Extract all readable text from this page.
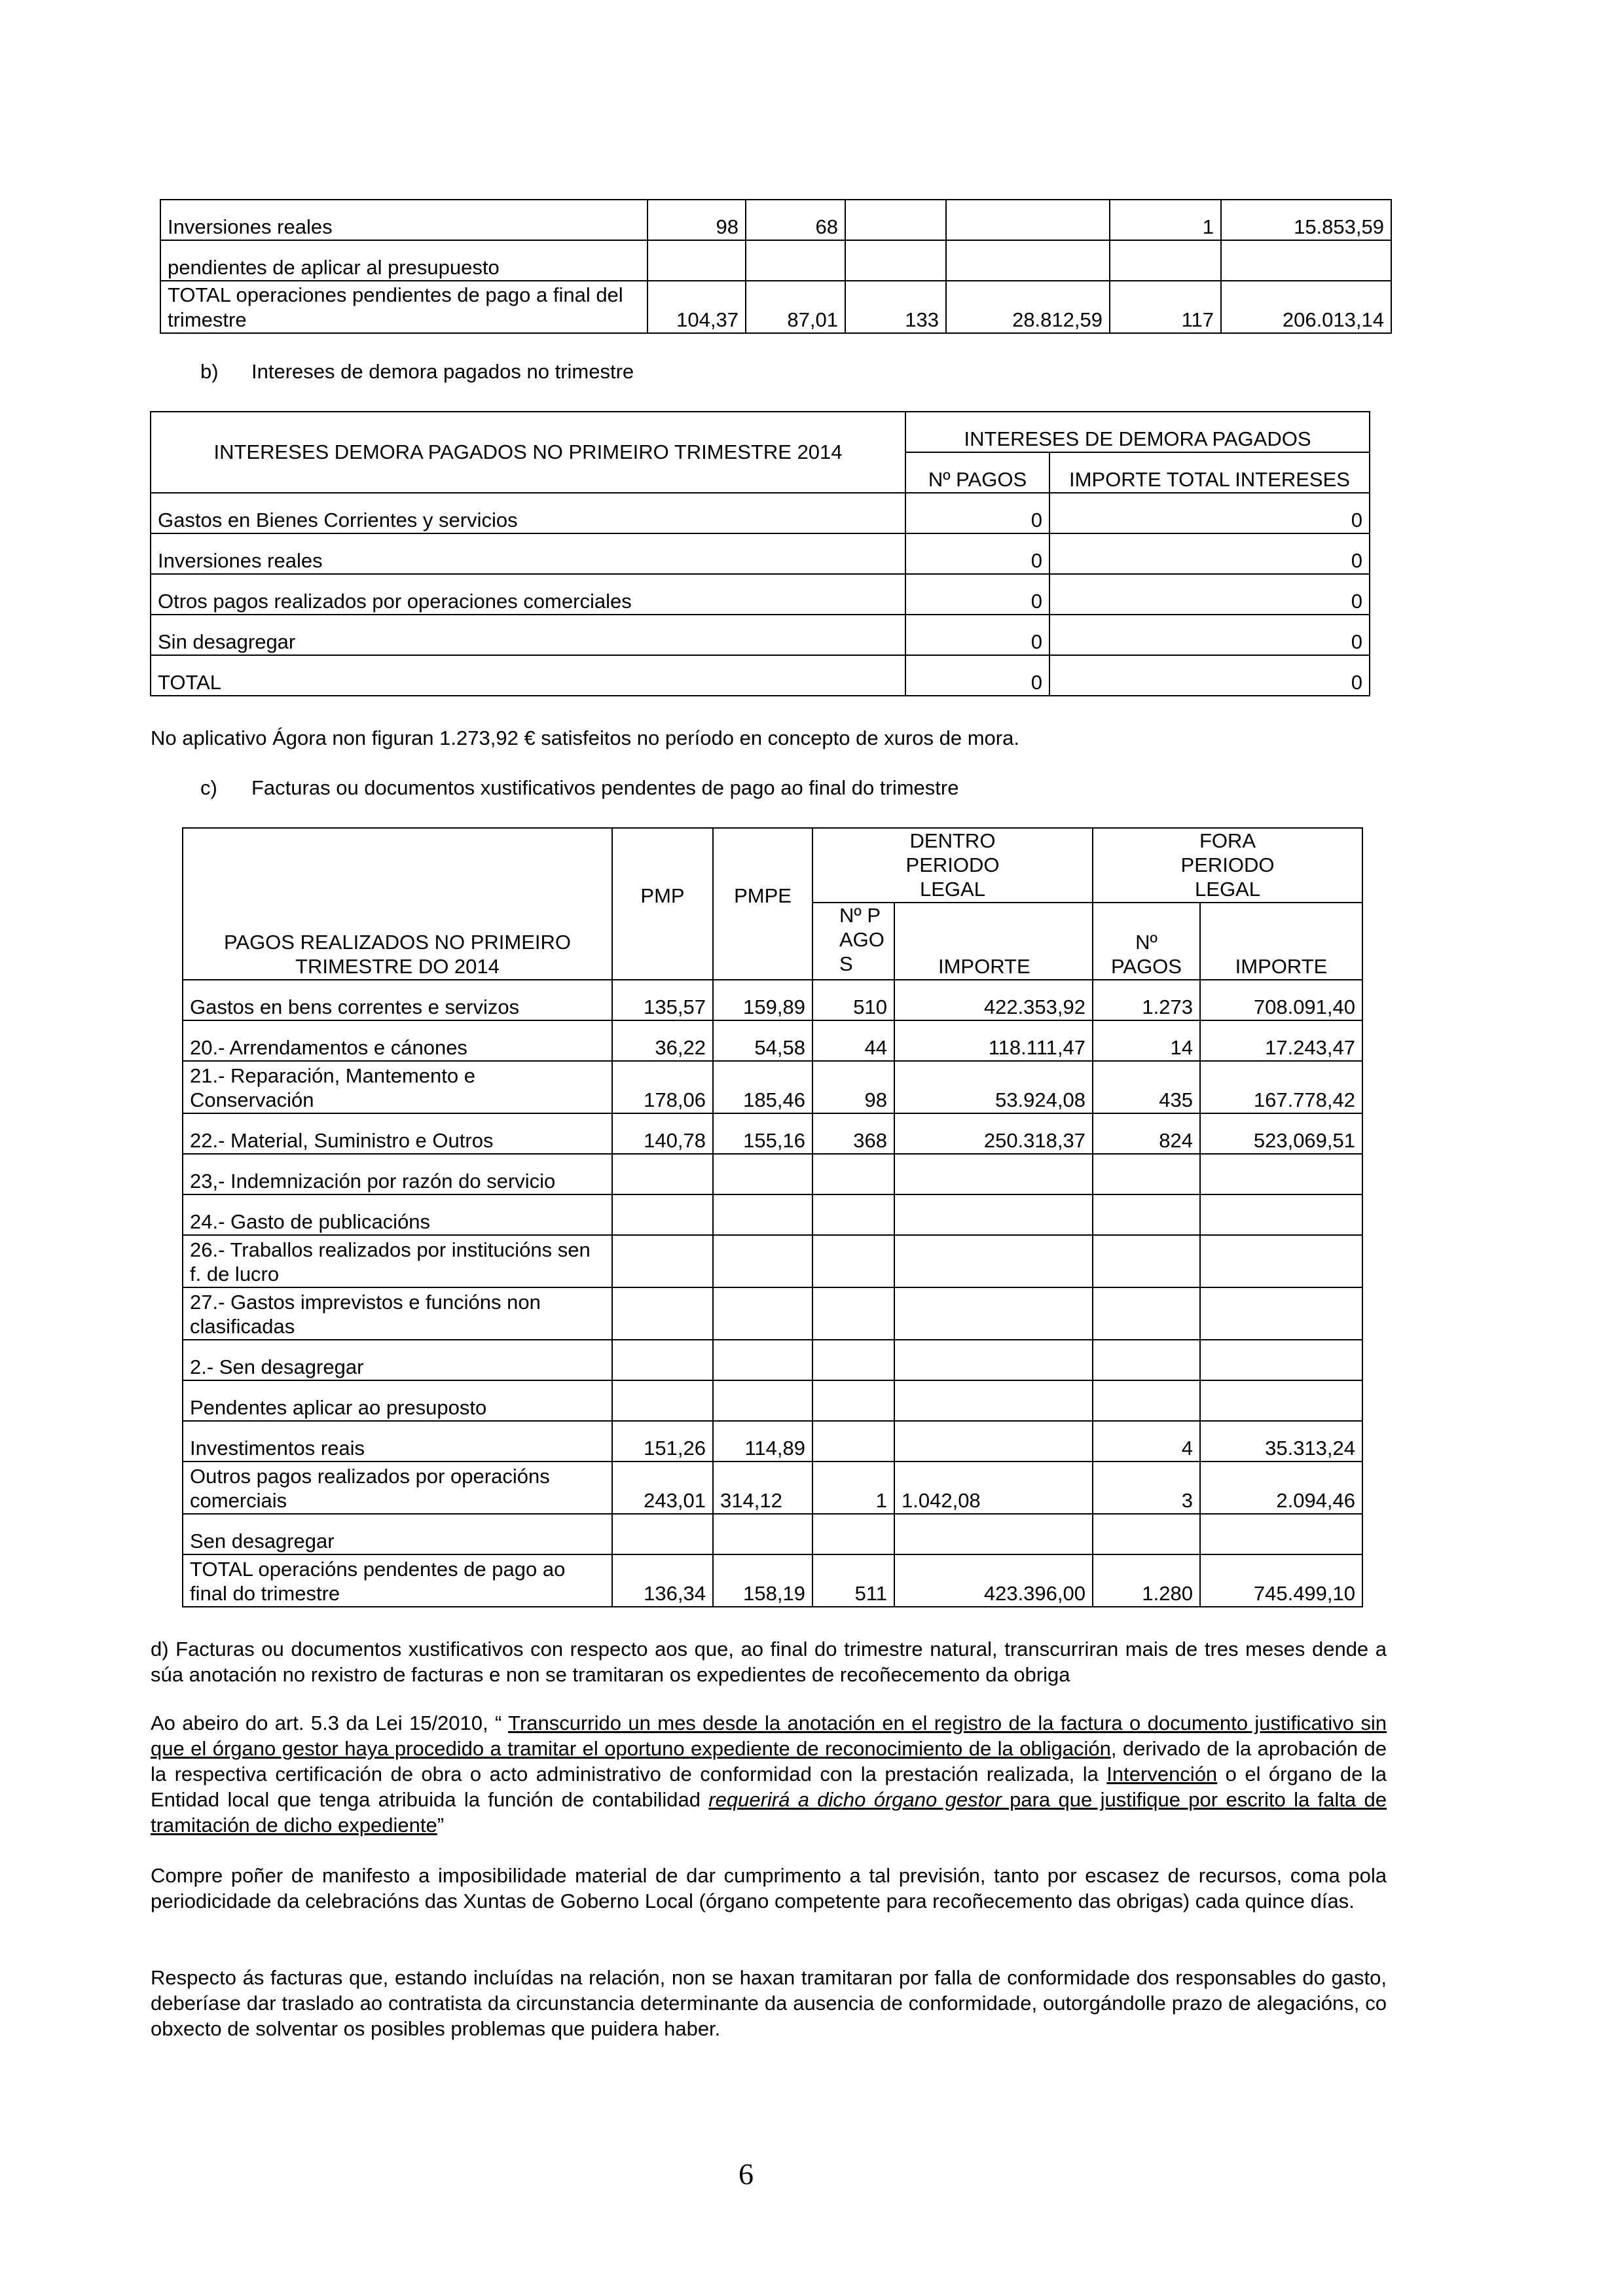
Inversiones reales	98	68			1	15.853,59
pendientes de aplicar al presupuesto						
TOTAL operaciones pendientes de pago a final del trimestre	104,37	87,01	133	28.812,59	117	206.013,14
b) Intereses de demora pagados no trimestre
INTERESES DEMORA PAGADOS NO PRIMEIRO TRIMESTRE 2014	INTERESES DE DEMORA PAGADOS	
	Nº PAGOS	IMPORTE TOTAL INTERESES
Gastos en Bienes Corrientes y servicios	0	0
Inversiones reales	0	0
Otros pagos realizados por operaciones comerciales	0	0
Sin desagregar	0	0
TOTAL	0	0
No aplicativo Ágora non figuran 1.273,92 € satisfeitos no período en concepto de xuros de mora.
c) Facturas ou documentos xustificativos pendentes de pago ao final do trimestre
PAGOS REALIZADOS NO PRIMEIRO TRIMESTRE DO 2014	PMP	PMPE	DENTRO PERIODO LEGAL		FORA PERIODO LEGAL	
			Nº PAGO S	IMPORTE	Nº PAGOS	IMPORTE
Gastos en bens correntes e servizos	135,57	159,89	510	422.353,92	1.273	708.091,40
20.- Arrendamentos e cánones	36,22	54,58	44	118.111,47	14	17.243,47
21.- Reparación, Mantemento e Conservación	178,06	185,46	98	53.924,08	435	167.778,42
22.- Material, Suministro e Outros	140,78	155,16	368	250.318,37	824	523,069,51
23,- Indemnización por razón do servicio						
24.- Gasto de publicacións						
26.- Traballos realizados por institucións sen f. de lucro						
27.- Gastos imprevistos e funcións non clasificadas						
2.- Sen desagregar						
Pendentes aplicar ao presuposto						
Investimentos reais	151,26	114,89			4	35.313,24
Outros pagos realizados por operacións comerciais	243,01	314,12	1	1.042,08	3	2.094,46
Sen desagregar						
TOTAL operacións pendentes de pago ao final do trimestre	136,34	158,19	511	423.396,00	1.280	745.499,10
d) Facturas ou documentos xustificativos con respecto aos que, ao final do trimestre natural, transcurriran mais de tres meses dende a súa anotación no rexistro de facturas e non se tramitaran os expedientes de recoñecemento da obriga
Ao abeiro do art. 5.3 da Lei 15/2010, “ Transcurrido un mes desde la anotación en el registro de la factura o documento justificativo sin que el órgano gestor haya procedido a tramitar el oportuno expediente de reconocimiento de la obligación, derivado de la aprobación de la respectiva certificación de obra o acto administrativo de conformidad con la prestación realizada, la Intervención o el órgano de la Entidad local que tenga atribuida la función de contabilidad requerirá a dicho órgano gestor para que justifique por escrito la falta de tramitación de dicho expediente”
Compre poñer de manifesto a imposibilidade material de dar cumprimento a tal previsión, tanto por escasez de recursos, coma pola periodicidade da celebracións das Xuntas de Goberno Local (órgano competente para recoñecemento das obrigas) cada quince días.
Respecto ás facturas que, estando incluídas na relación, non se haxan tramitaran por falla de conformidade dos responsables do gasto, deberíase dar traslado ao contratista da circunstancia determinante da ausencia de conformidade, outorgándolle prazo de alegacións, co obxecto de solventar os posibles problemas que puidera haber.
6
